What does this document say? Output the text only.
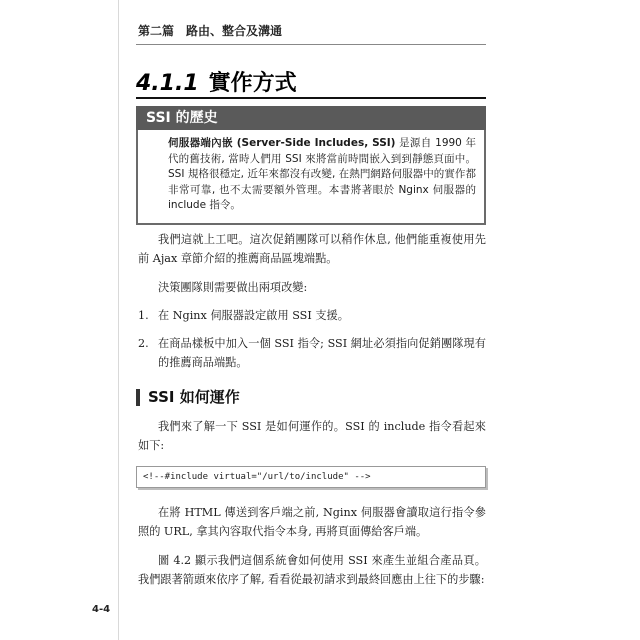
第二篇　路由、整合及溝通
4.1.1 實作方式
SSI 的歷史
伺服器端內嵌 (Server-Side Includes, SSI) 是源自 1990 年代的舊技術, 當時人們用 SSI 來將當前時間嵌入到到靜態頁面中。SSI 規格很穩定, 近年來都沒有改變, 在熱門網路伺服器中的實作都非常可靠, 也不太需要額外管理。本書將著眼於 Nginx 伺服器的 include 指令。

我們這就上工吧。這次促銷團隊可以稍作休息, 他們能重複使用先前 Ajax 章節介紹的推薦商品區塊端點。

決策團隊則需要做出兩項改變:

1. 在 Nginx 伺服器設定啟用 SSI 支援。
2. 在商品樣板中加入一個 SSI 指令; SSI 網址必須指向促銷團隊現有的推薦商品端點。
SSI 如何運作

我們來了解一下 SSI 是如何運作的。SSI 的 include 指令看起來如下:

<!--#include virtual="/url/to/include" -->

在將 HTML 傳送到客戶端之前, Nginx 伺服器會讀取這行指令參照的 URL, 拿其內容取代指令本身, 再將頁面傳給客戶端。

圖 4.2 顯示我們這個系統會如何使用 SSI 來產生並組合產品頁。我們跟著箭頭來依序了解, 看看從最初請求到最終回應由上往下的步驟:

4-4
